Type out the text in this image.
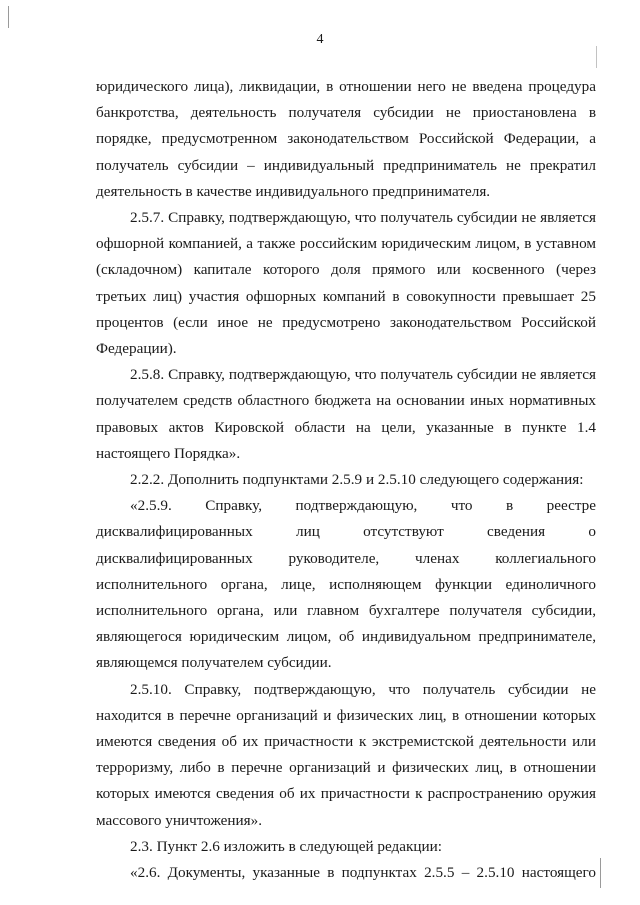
4

юридического лица), ликвидации, в отношении него не введена процедура банкротства, деятельность получателя субсидии не приостановлена в порядке, предусмотренном законодательством Российской Федерации, а получатель субсидии – индивидуальный предприниматель не прекратил деятельность в качестве индивидуального предпринимателя.

2.5.7. Справку, подтверждающую, что получатель субсидии не является офшорной компанией, а также российским юридическим лицом, в уставном (складочном) капитале которого доля прямого или косвенного (через третьих лиц) участия офшорных компаний в совокупности превышает 25 процентов (если иное не предусмотрено законодательством Российской Федерации).

2.5.8. Справку, подтверждающую, что получатель субсидии не является получателем средств областного бюджета на основании иных нормативных правовых актов Кировской области на цели, указанные в пункте 1.4 настоящего Порядка».

2.2.2. Дополнить подпунктами 2.5.9 и 2.5.10 следующего содержания:

«2.5.9. Справку, подтверждающую, что в реестре дисквалифицированных лиц отсутствуют сведения о дисквалифицированных руководителе, членах коллегиального исполнительного органа, лице, исполняющем функции единоличного исполнительного органа, или главном бухгалтере получателя субсидии, являющегося юридическим лицом, об индивидуальном предпринимателе, являющемся получателем субсидии.

2.5.10. Справку, подтверждающую, что получатель субсидии не находится в перечне организаций и физических лиц, в отношении которых имеются сведения об их причастности к экстремистской деятельности или терроризму, либо в перечне организаций и физических лиц, в отношении которых имеются сведения об их причастности к распространению оружия массового уничтожения».

2.3. Пункт 2.6 изложить в следующей редакции:

«2.6. Документы, указанные в подпунктах 2.5.5 – 2.5.10 настоящего
